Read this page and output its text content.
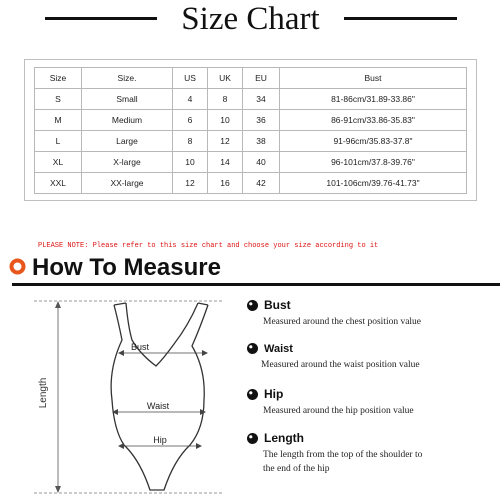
Size Chart
Size	Size.	US	UK	EU	Bust
S	Small	4	8	34	81-86cm/31.89-33.86"
M	Medium	6	10	36	86-91cm/33.86-35.83"
L	Large	8	12	38	91-96cm/35.83-37.8"
XL	X-large	10	14	40	96-101cm/37.8-39.76"
XXL	XX-large	12	16	42	101-106cm/39.76-41.73"
PLEASE NOTE: Please refer to this size chart and choose your size according to it
How To Measure
Length
Bust
Waist
Hip
Bust
Measured around the chest position value
Waist
Measured around the waist position value
Hip
Measured around the hip position value
Length
The length from the top of the shoulder to
the end of the hip
